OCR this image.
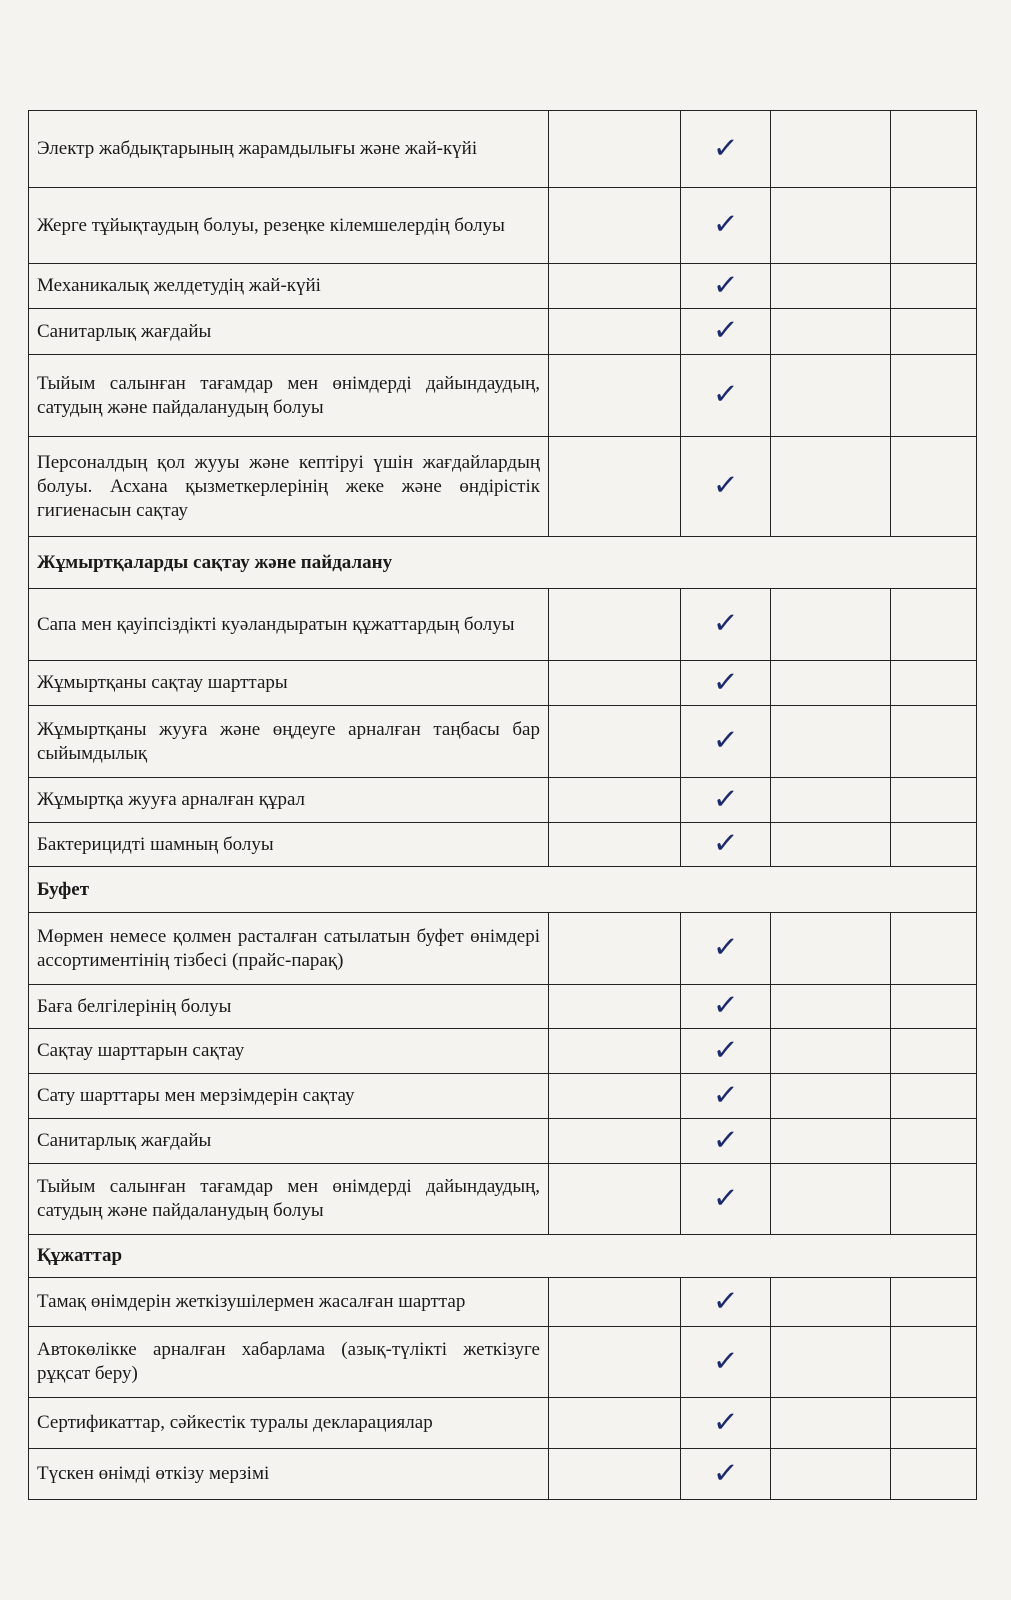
Электр жабдықтарының жарамдылығы және жай-күйі		✓		
Жерге тұйықтаудың болуы, резеңке кілемшелердің болуы		✓		
Механикалық желдетудің жай-күйі		✓		
Санитарлық жағдайы		✓		
Тыйым салынған тағамдар мен өнімдерді дайындаудың, сатудың және пайдаланудың болуы		✓		
Персоналдың қол жууы және кептіруі үшін жағдайлардың болуы. Асхана қызметкерлерінің жеке және өндірістік гигиенасын сақтау		✓		
Жұмыртқаларды сақтау және пайдалану				
Сапа мен қауіпсіздікті куәландыратын құжаттардың болуы		✓		
Жұмыртқаны сақтау шарттары		✓		
Жұмыртқаны жууға және өңдеуге арналған таңбасы бар сыйымдылық		✓		
Жұмыртқа жууға арналған құрал		✓		
Бактерицидті шамның болуы		✓		
Буфет				
Мөрмен немесе қолмен расталған сатылатын буфет өнімдері ассортиментінің тізбесі (прайс-парақ)		✓		
Баға белгілерінің болуы		✓		
Сақтау шарттарын сақтау		✓		
Сату шарттары мен мерзімдерін сақтау		✓		
Санитарлық жағдайы		✓		
Тыйым салынған тағамдар мен өнімдерді дайындаудың, сатудың және пайдаланудың болуы		✓		
Құжаттар				
Тамақ өнімдерін жеткізушілермен жасалған шарттар		✓		
Автокөлікке арналған хабарлама (азық-түлікті жеткізуге рұқсат беру)		✓		
Сертификаттар, сәйкестік туралы декларациялар		✓		
Түскен өнімді өткізу мерзімі		✓		
